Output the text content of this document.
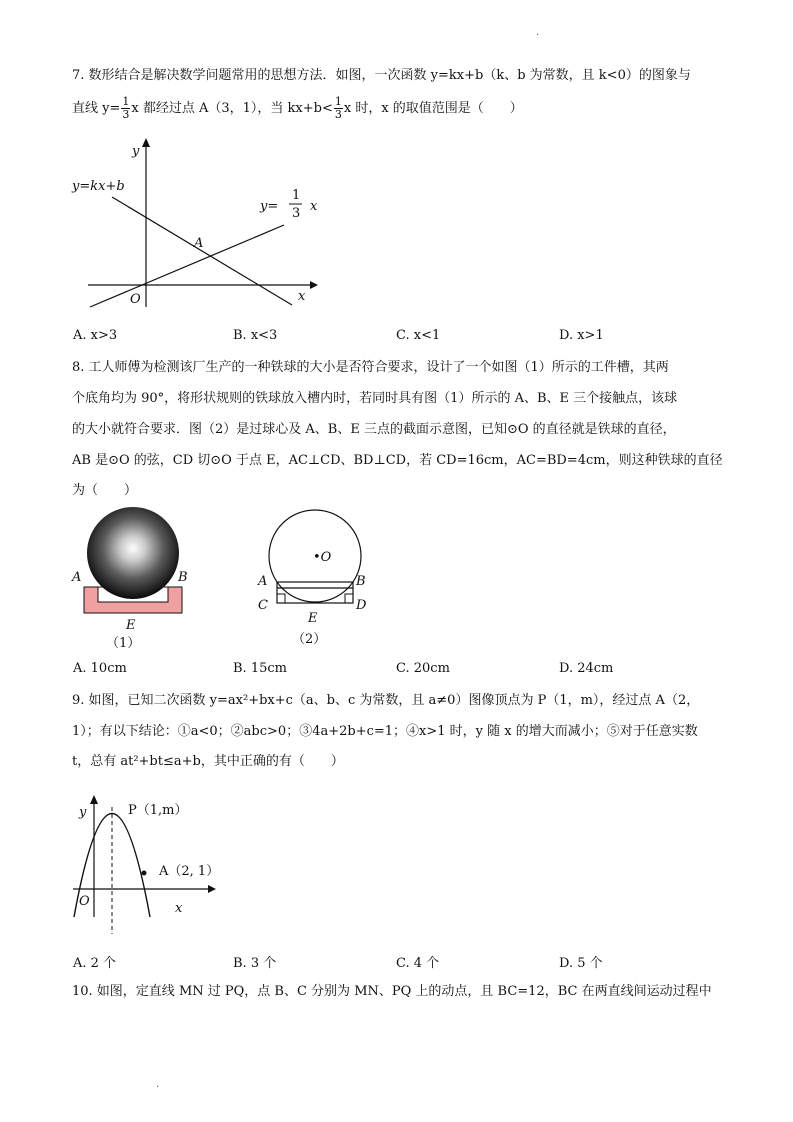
·
7. 数形结合是解决数学问题常用的思想方法．如图，一次函数 y=kx+b（k、b 为常数，且 k<0）的图象与
直线 $y= \frac{1}{3}$ x 都经过点 A（3，1），当 $kx+b< \frac{1}{3}$ x 时，x 的取值范围是（　　）
y
x
O
A
y=kx+b
y=
1
3 x
A. x>3	B. x<3	C. x<1	D. x>1
8. 工人师傅为检测该厂生产的一种铁球的大小是否符合要求，设计了一个如图（1）所示的工件槽，其两
个底角均为 90°，将形状规则的铁球放入槽内时，若同时具有图（1）所示的 A、B、E 三个接触点，该球
的大小就符合要求．图（2）是过球心及 A、B、E 三点的截面示意图，已知⊙O 的直径就是铁球的直径，
AB 是⊙O 的弦，CD 切⊙O 于点 E，AC⊥CD、BD⊥CD，若 CD=16cm，AC=BD=4cm，则这种铁球的直径
为（　　）
A	B
E
（1）
•O
A	B
C	D
E
（2）
A. 10cm	B. 15cm	C. 20cm	D. 24cm
9. 如图，已知二次函数 y=ax²+bx+c（a、b、c 为常数，且 a≠0）图像顶点为 P（1，m），经过点 A（2，
1）；有以下结论：①a<0；②abc>0；③4a+2b+c=1；④x>1 时，y 随 x 的增大而减小；⑤对于任意实数
t，总有 at²+bt≤a+b，其中正确的有（　　）
y
x
O
P（1,m）
A（2, 1）
A. 2 个	B. 3 个	C. 4 个	D. 5 个
10. 如图，定直线 MN 过 PQ，点 B、C 分别为 MN、PQ 上的动点，且 BC=12，BC 在两直线间运动过程中
·
